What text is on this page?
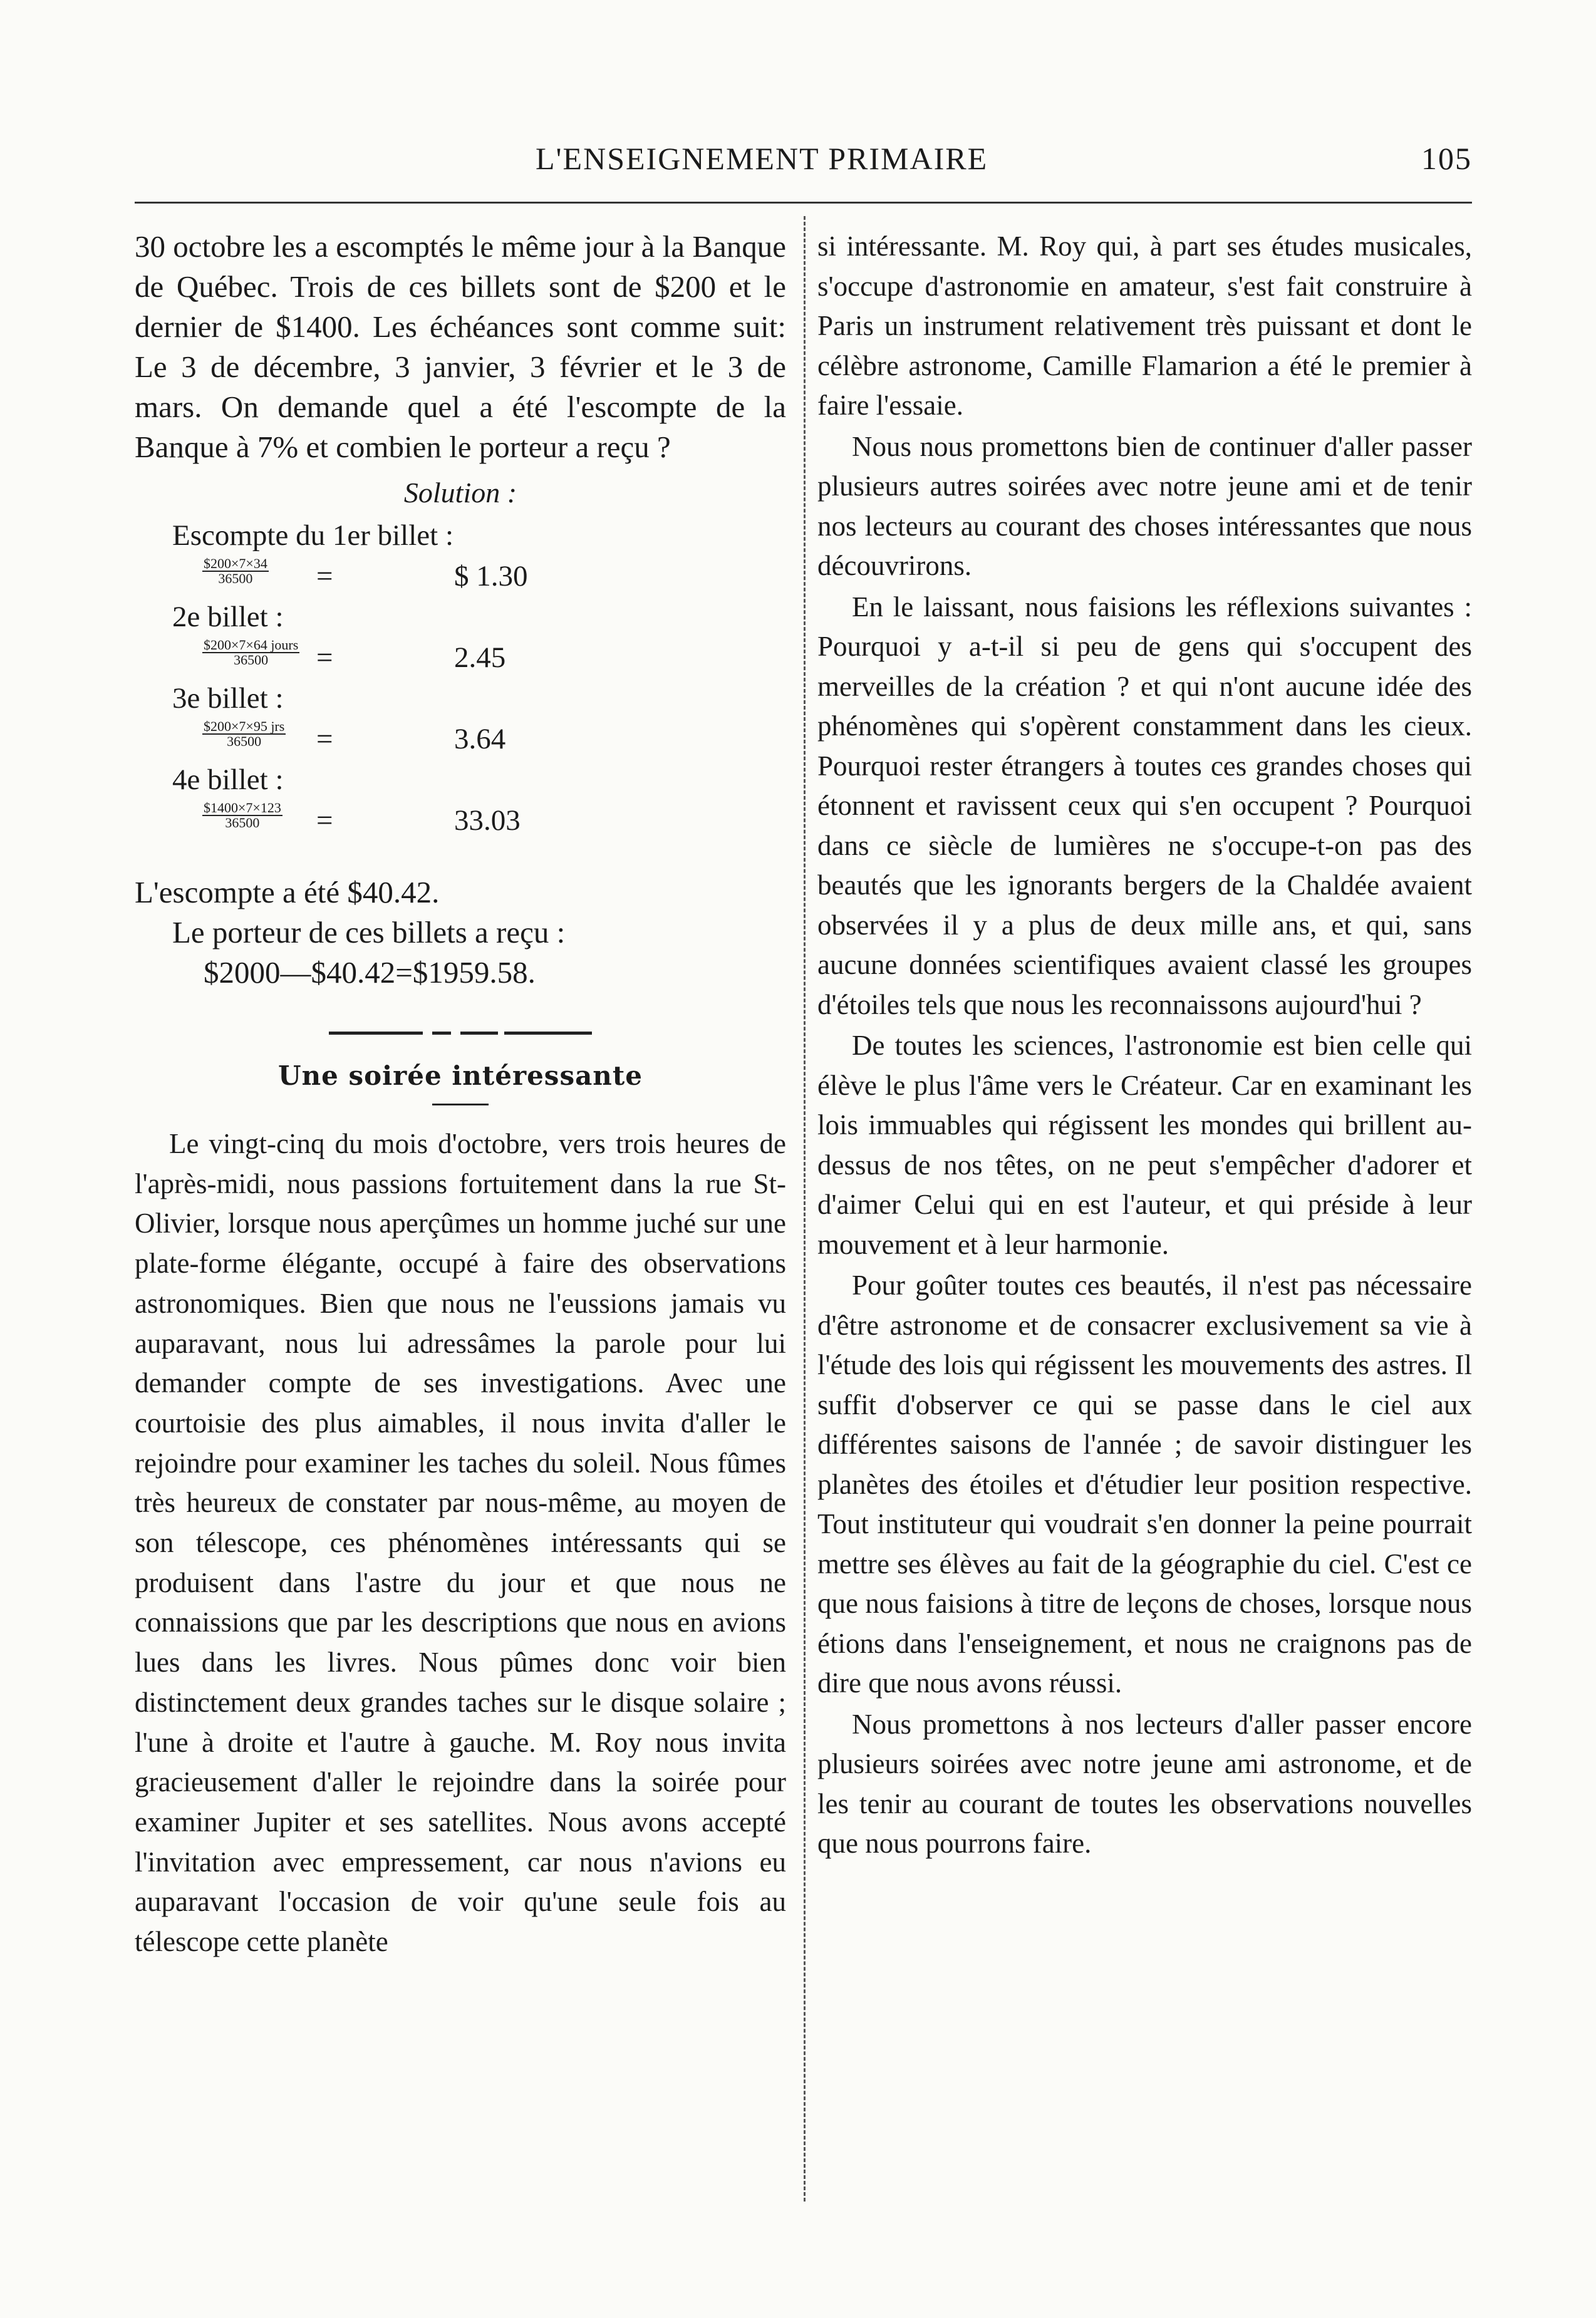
L'ENSEIGNEMENT PRIMAIRE	105

30 octobre les a escomptés le même jour à la Banque de Québec. Trois de ces billets sont de $200 et le dernier de $1400. Les échéances sont comme suit: Le 3 de décembre, 3 janvier, 3 février et le 3 de mars. On demande quel a été l'escompte de la Banque à 7% et combien le porteur a reçu ?

Solution :
Escompte du 1er billet :
$\frac{\$200\times 7\times 34}{36500}$ =	$ 1.30
2e billet :
$200×7×64 jours
36500	=	2.45
3e billet :
$200×7×95 jrs
36500	=	3.64
4e billet :
$\frac{\$1400\times 7\times 123}{36500}$ =	33.03
L'escompte a été $40.42.
Le porteur de ces billets a reçu :
$2000—$40.42=$1959.58.
Une soirée intéressante

Le vingt-cinq du mois d'octobre, vers trois heures de l'après-midi, nous passions fortuitement dans la rue St-Olivier, lorsque nous aperçûmes un homme juché sur une plate-forme élégante, occupé à faire des observations astronomiques. Bien que nous ne l'eussions jamais vu auparavant, nous lui adressâmes la parole pour lui demander compte de ses investigations. Avec une courtoisie des plus aimables, il nous invita d'aller le rejoindre pour examiner les taches du soleil. Nous fûmes très heureux de constater par nous-même, au moyen de son télescope, ces phénomènes intéressants qui se produisent dans l'astre du jour et que nous ne connaissions que par les descriptions que nous en avions lues dans les livres. Nous pûmes donc voir bien distinctement deux grandes taches sur le disque solaire ; l'une à droite et l'autre à gauche. M. Roy nous invita gracieusement d'aller le rejoindre dans la soirée pour examiner Jupiter et ses satellites. Nous avons accepté l'invitation avec empressement, car nous n'avions eu auparavant l'occasion de voir qu'une seule fois au télescope cette planète

si intéressante. M. Roy qui, à part ses études musicales, s'occupe d'astronomie en amateur, s'est fait construire à Paris un instrument relativement très puissant et dont le célèbre astronome, Camille Flamarion a été le premier à faire l'essaie.

Nous nous promettons bien de continuer d'aller passer plusieurs autres soirées avec notre jeune ami et de tenir nos lecteurs au courant des choses intéressantes que nous découvrirons.

En le laissant, nous faisions les réflexions suivantes : Pourquoi y a-t-il si peu de gens qui s'occupent des merveilles de la création ? et qui n'ont aucune idée des phénomènes qui s'opèrent constamment dans les cieux. Pourquoi rester étrangers à toutes ces grandes choses qui étonnent et ravissent ceux qui s'en occupent ? Pourquoi dans ce siècle de lumières ne s'occupe-t-on pas des beautés que les ignorants bergers de la Chaldée avaient observées il y a plus de deux mille ans, et qui, sans aucune données scientifiques avaient classé les groupes d'étoiles tels que nous les reconnaissons aujourd'hui ?

De toutes les sciences, l'astronomie est bien celle qui élève le plus l'âme vers le Créateur. Car en examinant les lois immuables qui régissent les mondes qui brillent au-dessus de nos têtes, on ne peut s'empêcher d'adorer et d'aimer Celui qui en est l'auteur, et qui préside à leur mouvement et à leur harmonie.

Pour goûter toutes ces beautés, il n'est pas nécessaire d'être astronome et de consacrer exclusivement sa vie à l'étude des lois qui régissent les mouvements des astres. Il suffit d'observer ce qui se passe dans le ciel aux différentes saisons de l'année ; de savoir distinguer les planètes des étoiles et d'étudier leur position respective. Tout instituteur qui voudrait s'en donner la peine pourrait mettre ses élèves au fait de la géographie du ciel. C'est ce que nous faisions à titre de leçons de choses, lorsque nous étions dans l'enseignement, et nous ne craignons pas de dire que nous avons réussi.

Nous promettons à nos lecteurs d'aller passer encore plusieurs soirées avec notre jeune ami astronome, et de les tenir au courant de toutes les observations nouvelles que nous pourrons faire.
